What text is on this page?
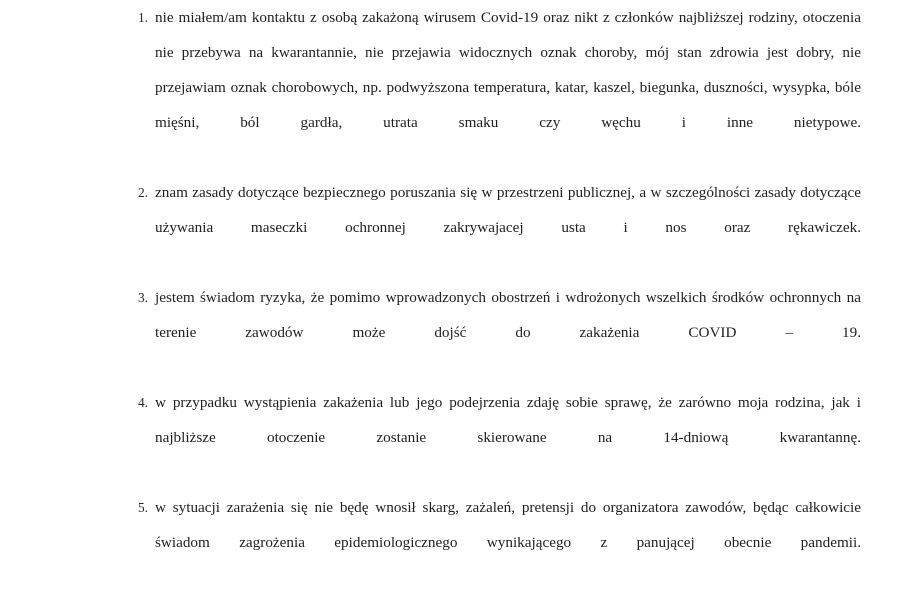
1. nie miałem/am kontaktu z osobą zakażoną wirusem Covid-19 oraz nikt z członków najbliższej rodziny, otoczenia nie przebywa na kwarantannie, nie przejawia widocznych oznak choroby, mój stan zdrowia jest dobry, nie przejawiam oznak chorobowych, np. podwyższona temperatura, katar, kaszel, biegunka, duszności, wysypka, bóle mięśni, ból gardła, utrata smaku czy węchu i inne nietypowe.
2. znam zasady dotyczące bezpiecznego poruszania się w przestrzeni publicznej, a w szczególności zasady dotyczące używania maseczki ochronnej zakrywajacej usta i nos oraz rękawiczek.
3. jestem świadom ryzyka, że pomimo wprowadzonych obostrzeń i wdrożonych wszelkich środków ochronnych na terenie zawodów może dojść do zakażenia COVID – 19.
4. w przypadku wystąpienia zakażenia lub jego podejrzenia zdaję sobie sprawę, że zarówno moja rodzina, jak i najbliższe otoczenie zostanie skierowane na 14-dniową kwarantannę.
5. w sytuacji zarażenia się nie będę wnosił skarg, zażaleń, pretensji do organizatora zawodów, będąc całkowicie świadom zagrożenia epidemiologicznego wynikającego z panującej obecnie pandemii.
